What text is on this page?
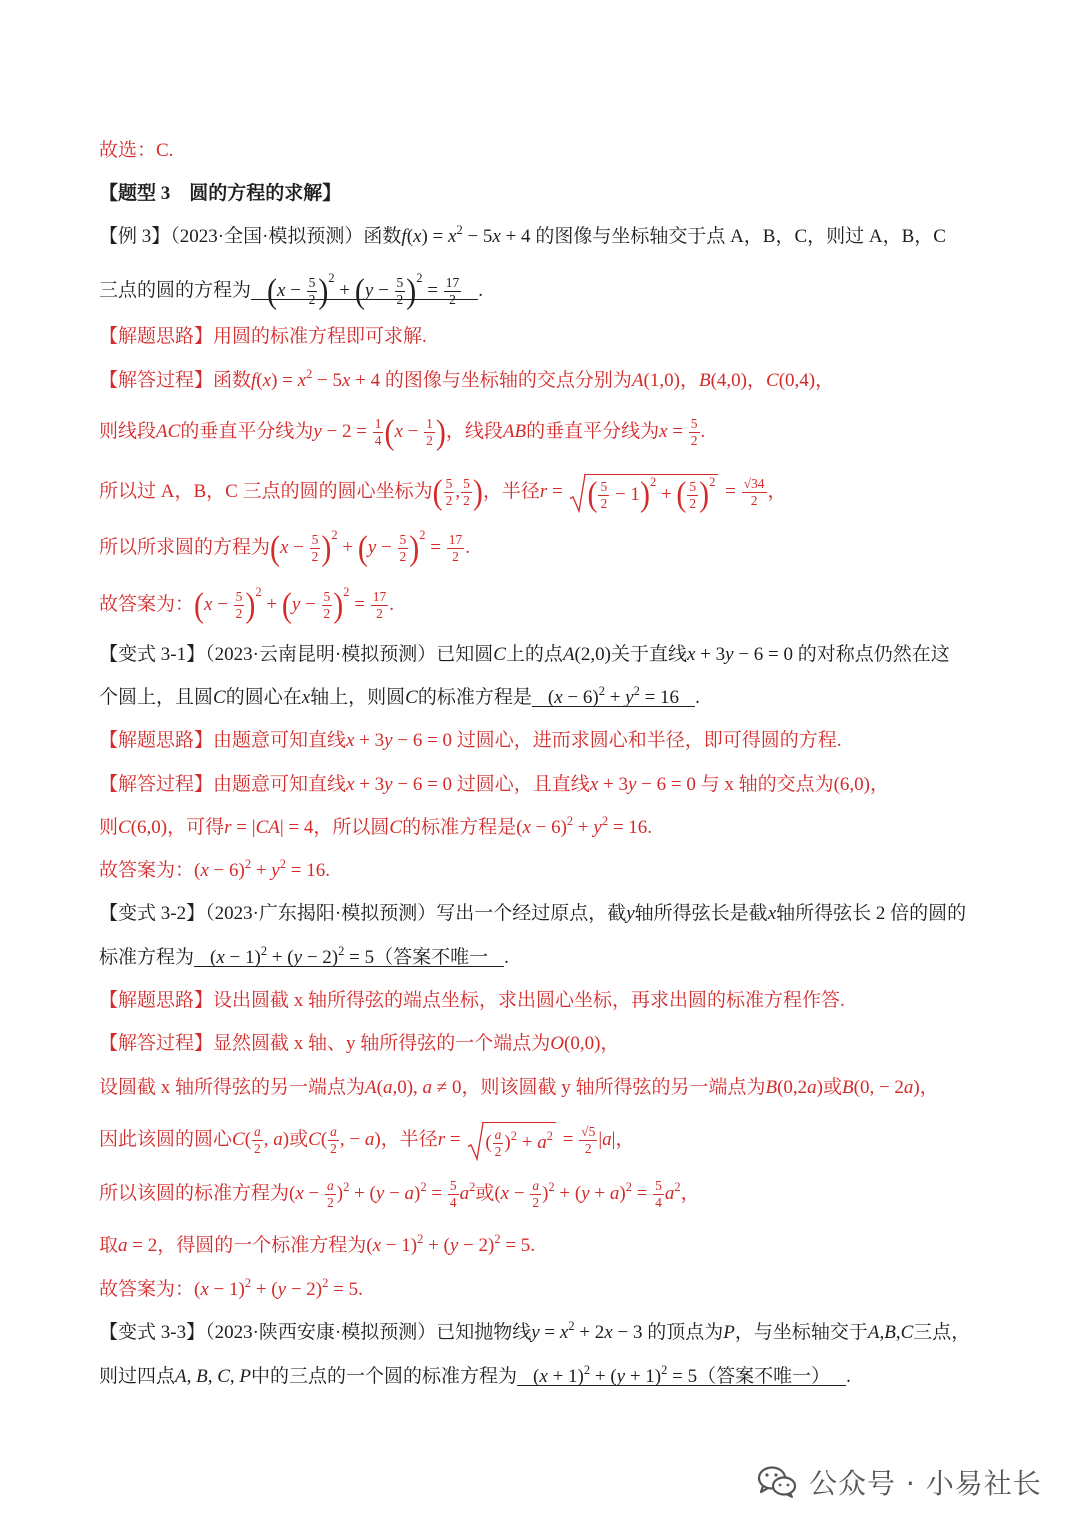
故选：C.
【题型 3　圆的方程的求解】
【例 3】（2023·全国·模拟预测）函数$f(x) = x^2 - 5x + 4$ 的图像与坐标轴交于点 A，B，C，则过 A，B，C
三点的圆的方程为 $(x - \frac{5}{2} )^2 + (y - \frac{5}{2} )^2 = \frac{17}{2}$ .
【解题思路】用圆的标准方程即可求解.
【解答过程】函数$f(x) = x^2 - 5x + 4$ 的图像与坐标轴的交点分别为A(1,0)，B(4,0)，C(0,4)，
则线段AC的垂直平分线为$y - 2 = \frac{1}{4} (x - \frac{1}{2}$ )，线段AB的垂直平分线为$x = \frac{5}{2}$ .
所以过 A，B，C 三点的圆的圆心坐标为( $\frac{5}{2}$ , $\frac{5}{2}$ )，半径r =
( $\frac{5}{2} - 1)^2$ + ( $\frac{5}{2} )^2 = \frac{√34}{2}$ ，
所以所求圆的方程为$(x - \frac{5}{2} )^2 + (y - \frac{5}{2} )^2 = \frac{17}{2}$ .
故答案为：$(x - \frac{5}{2} )^2 + (y - \frac{5}{2} )^2 = \frac{17}{2}$ .
【变式 3-1】（2023·云南昆明·模拟预测）已知圆C上的点A(2,0)关于直线x + 3y − 6 = 0 的对称点仍然在这
个圆上，且圆C的圆心在x轴上，则圆C的标准方程是 $(x - 6)^2 + y^2 = 16$ .
【解题思路】由题意可知直线x + 3y − 6 = 0 过圆心，进而求圆心和半径，即可得圆的方程.
【解答过程】由题意可知直线x + 3y − 6 = 0 过圆心，且直线x + 3y − 6 = 0 与 x 轴的交点为(6,0)，
则C(6,0)，可得r = |CA| = 4，所以圆C的标准方程是$(x - 6)^2 + y^2 = 16$.
故答案为：$(x - 6)^2 + y^2 = 16$.
【变式 3-2】（2023·广东揭阳·模拟预测）写出一个经过原点，截y轴所得弦长是截x轴所得弦长 2 倍的圆的
标准方程为 $(x - 1)^2 + (y - 2)^2 = 5$（答案不唯一 .
【解题思路】设出圆截 x 轴所得弦的端点坐标，求出圆心坐标，再求出圆的标准方程作答.
【解答过程】显然圆截 x 轴、y 轴所得弦的一个端点为O(0,0)，
设圆截 x 轴所得弦的另一端点为A(a,0), a ≠ 0，则该圆截 y 轴所得弦的另一端点为B(0,2a)或B(0, − 2a)，
因此该圆的圆心$C( \frac{a}{2}$ , a)或$C( \frac{a}{2}$ , − a)，半径r =
( $\frac{a}{2} )^2 + a^2 = \frac{√5}{2} |a|$，
所以该圆的标准方程为$(x - \frac{a}{2} )^2 + (y - a)^2 = \frac{5}{4} a^2$或$(x - \frac{a}{2} )^2 + (y + a)^2 = \frac{5}{4} a^2$，
取a = 2，得圆的一个标准方程为$(x - 1)^2 + (y - 2)^2 = 5$.
故答案为：$(x - 1)^2 + (y - 2)^2 = 5$.
【变式 3-3】（2023·陕西安康·模拟预测）已知抛物线$y = x^2 + 2x - 3$ 的顶点为P，与坐标轴交于A,B,C三点，
则过四点A, B, C, P中的三点的一个圆的标准方程为 $(x + 1)^2 + (y + 1)^2 = 5$（答案不唯一） .
公众号 · 小易社长
